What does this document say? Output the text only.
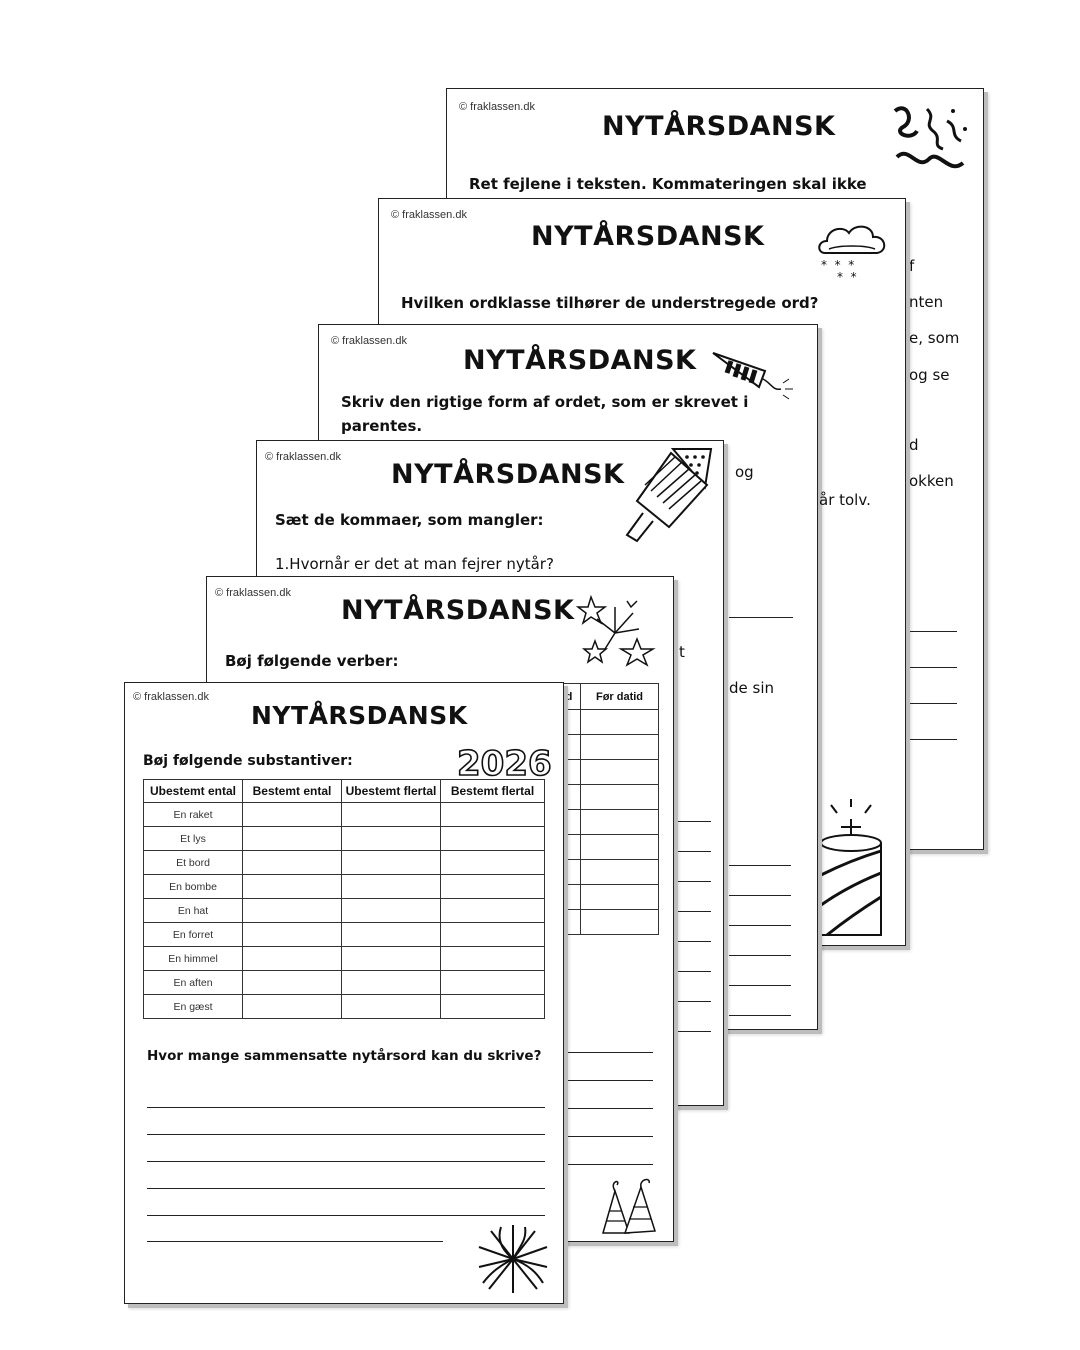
© fraklassen.dk
NYTÅRSDANSK
Ret fejlene i teksten. Kommateringen skal ikke
f
nten
e, som
og se
d
okken
© fraklassen.dk
NYTÅRSDANSK
Hvilken ordklasse tilhører de understregede ord?
*  *  *
*  *
© fraklassen.dk
NYTÅRSDANSK
Skriv den rigtige form af ordet, som er skrevet i
parentes.
og
år tolv.
© fraklassen.dk
NYTÅRSDANSK
Sæt de kommaer, som mangler:
1.Hvornår er det at man fejrer nytår?
de sin
© fraklassen.dk
NYTÅRSDANSK
Bøj følgende verber:	t
d	Før datid

© fraklassen.dk
NYTÅRSDANSK
Bøj følgende substantiver:	2026
Ubestemt ental	Bestemt ental	Ubestemt flertal	Bestemt flertal
En raket			
Et lys			
Et bord			
En bombe			
En hat			
En forret			
En himmel			
En aften			
En gæst			
Hvor mange sammensatte nytårsord kan du skrive?
